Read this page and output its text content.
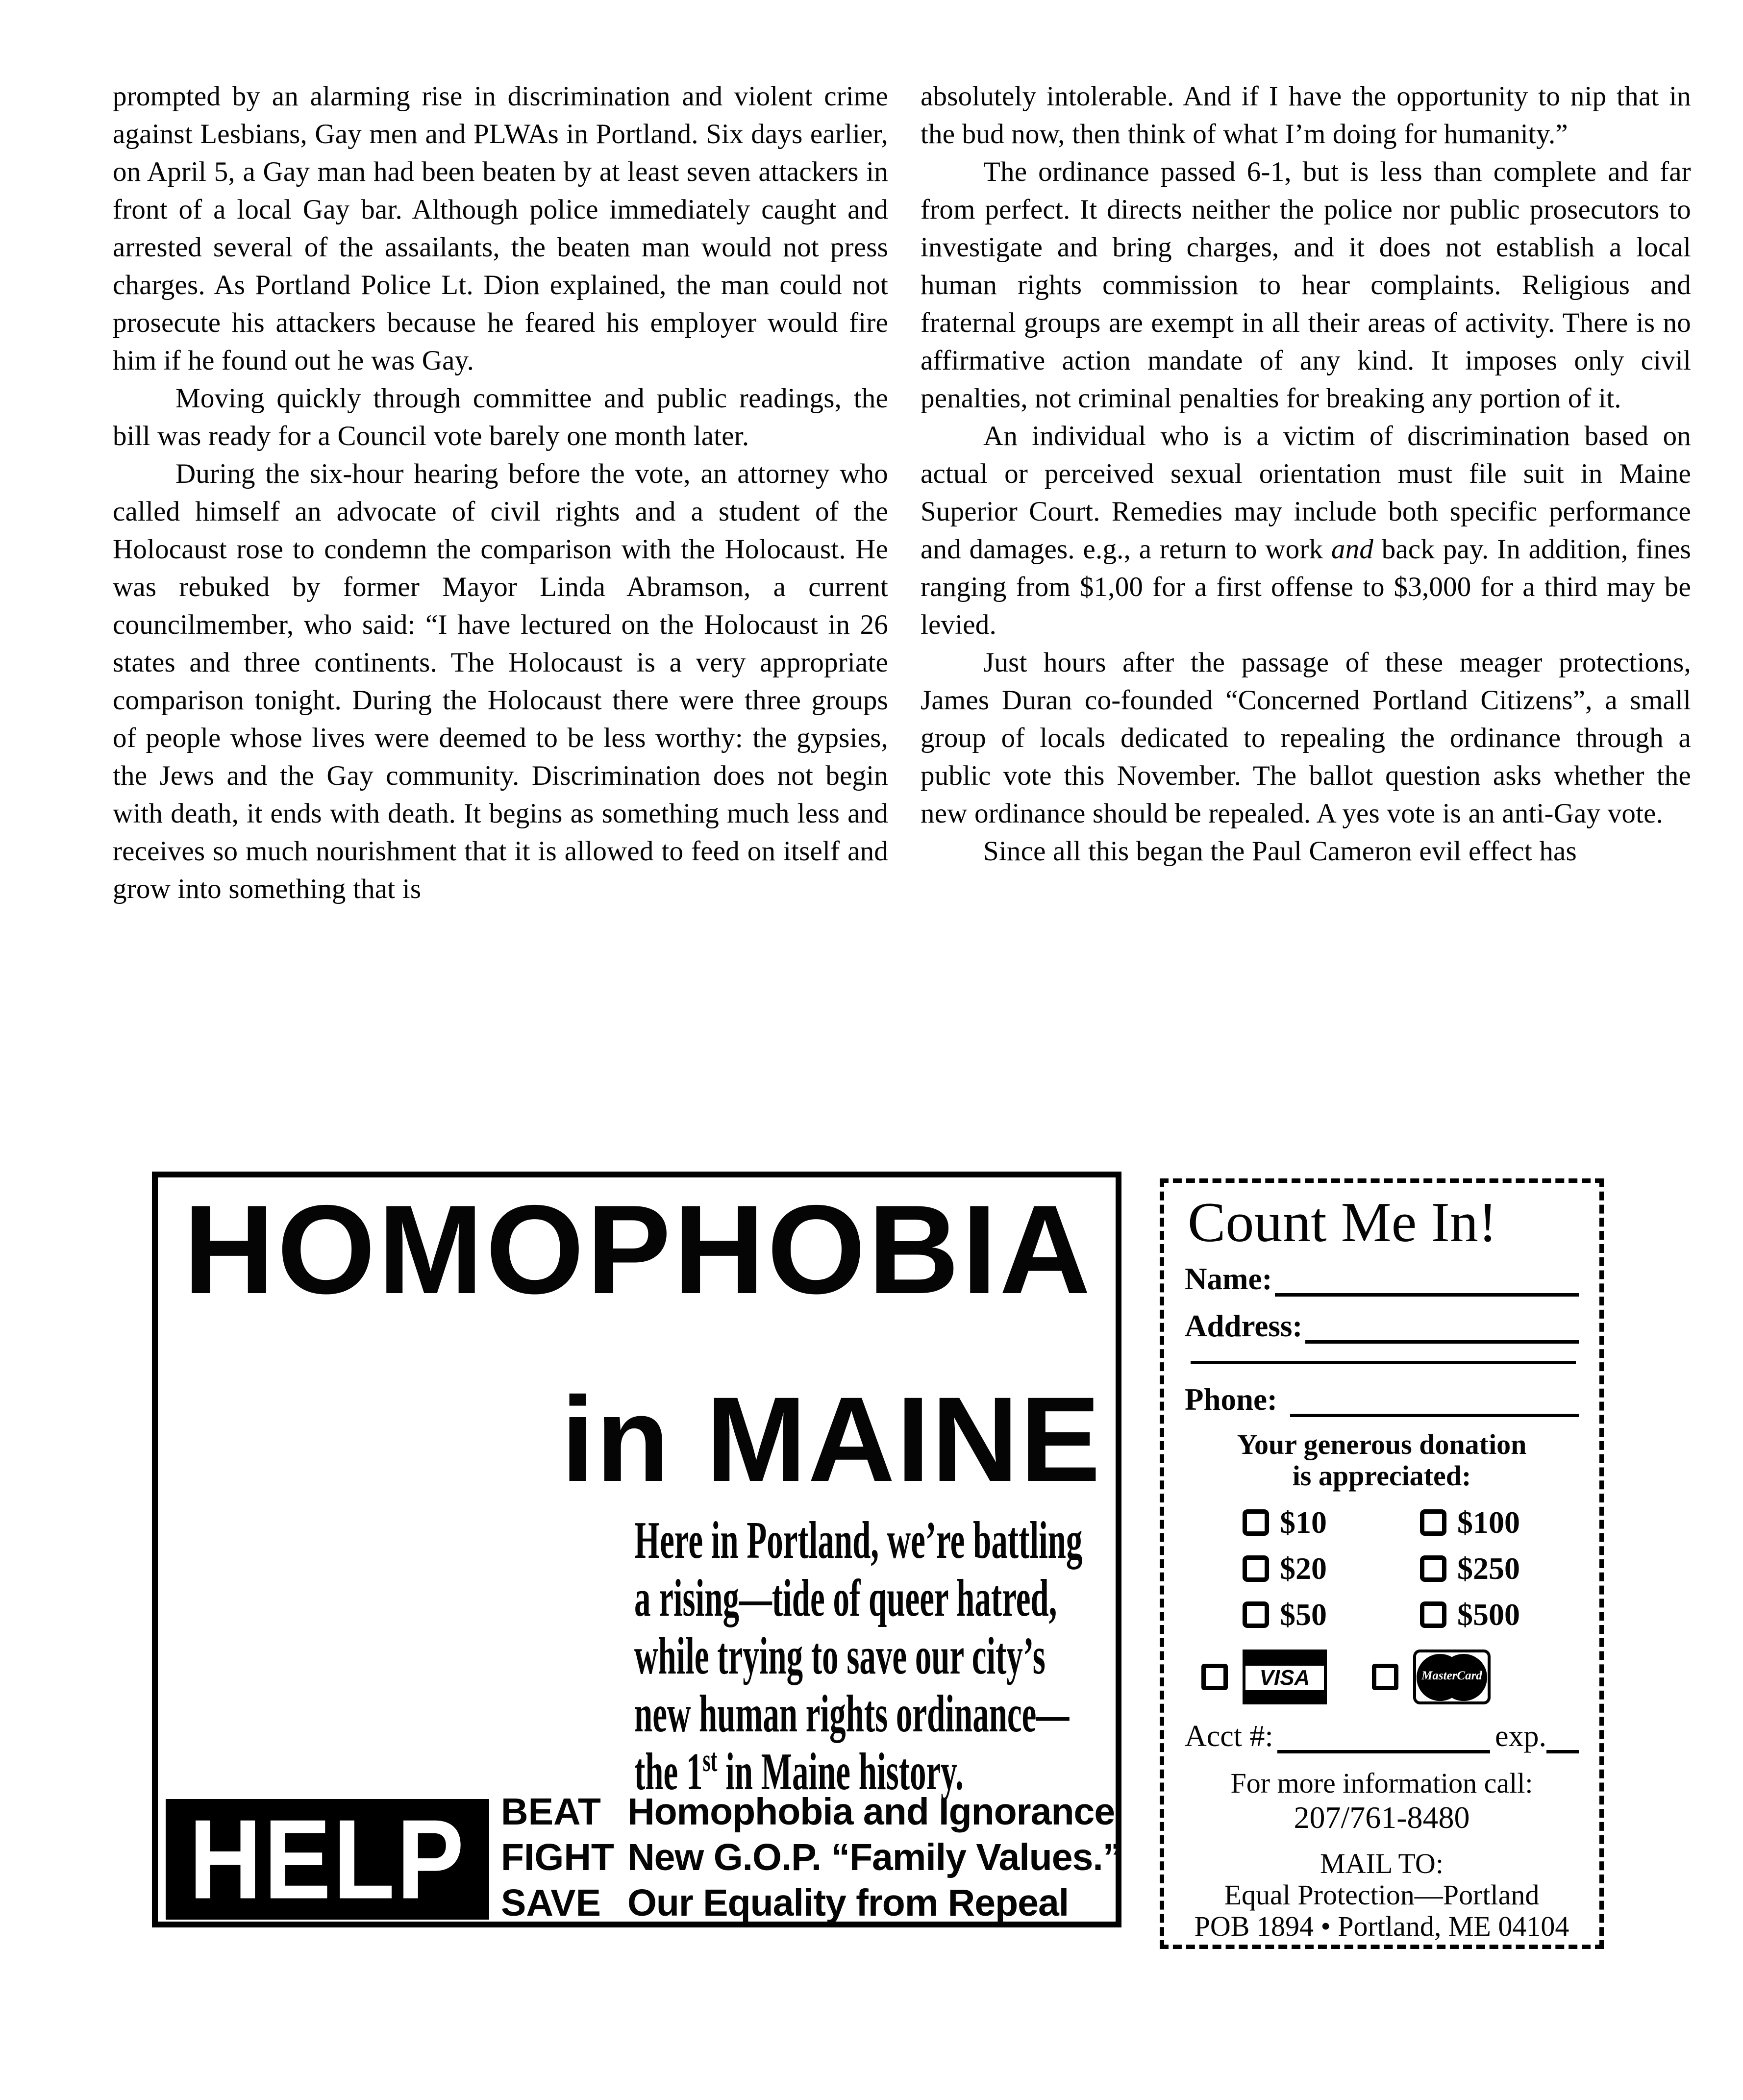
prompted by an alarming rise in discrimination and violent crime against Lesbians, Gay men and PLWAs in Portland. Six days earlier, on April 5, a Gay man had been beaten by at least seven attackers in front of a local Gay bar. Although police immediately caught and arrested several of the assailants, the beaten man would not press charges. As Portland Police Lt. Dion explained, the man could not prosecute his attackers because he feared his employer would fire him if he found out he was Gay.

Moving quickly through committee and public readings, the bill was ready for a Council vote barely one month later.

During the six-hour hearing before the vote, an attorney who called himself an advocate of civil rights and a student of the Holocaust rose to condemn the comparison with the Holocaust. He was rebuked by former Mayor Linda Abramson, a current councilmember, who said: “I have lectured on the Holocaust in 26 states and three continents. The Holocaust is a very appropriate comparison tonight. During the Holocaust there were three groups of people whose lives were deemed to be less worthy: the gypsies, the Jews and the Gay community. Discrimination does not begin with death, it ends with death. It begins as something much less and receives so much nourishment that it is allowed to feed on itself and grow into something that is

absolutely intolerable. And if I have the opportunity to nip that in the bud now, then think of what I’m doing for humanity.”

The ordinance passed 6-1, but is less than complete and far from perfect. It directs neither the police nor public prosecutors to investigate and bring charges, and it does not establish a local human rights commission to hear complaints. Religious and fraternal groups are exempt in all their areas of activity. There is no affirmative action mandate of any kind. It imposes only civil penalties, not criminal penalties for breaking any portion of it.

An individual who is a victim of discrimination based on actual or perceived sexual orientation must file suit in Maine Superior Court. Remedies may include both specific performance and damages. e.g., a return to work and back pay. In addition, fines ranging from $1,00 for a first offense to $3,000 for a third may be levied.

Just hours after the passage of these meager protections, James Duran co-founded “Concerned Portland Citizens”, a small group of locals dedicated to repealing the ordinance through a public vote this November. The ballot question asks whether the new ordinance should be repealed. A yes vote is an anti-Gay vote.

Since all this began the Paul Cameron evil effect has

HOMOPHOBIA
in MAINE
Here in Portland, we’re battling
a rising—tide of queer hatred,
while trying to save our city’s
new human rights ordinance—
the 1st in Maine history.
HELP BEAT Homophobia and Ignorance
FIGHT New G.O.P. “Family Values.”
SAVE Our Equality from Repeal
Count Me In!
Name:
Address:
Phone:
Your generous donation
is appreciated:
$10
$20
$50
$100
$250
$500
VISA	MasterCard
Acct #:	exp.
For more information call:
207/761-8480
MAIL TO:
Equal Protection—Portland
POB 1894 • Portland, ME 04104
